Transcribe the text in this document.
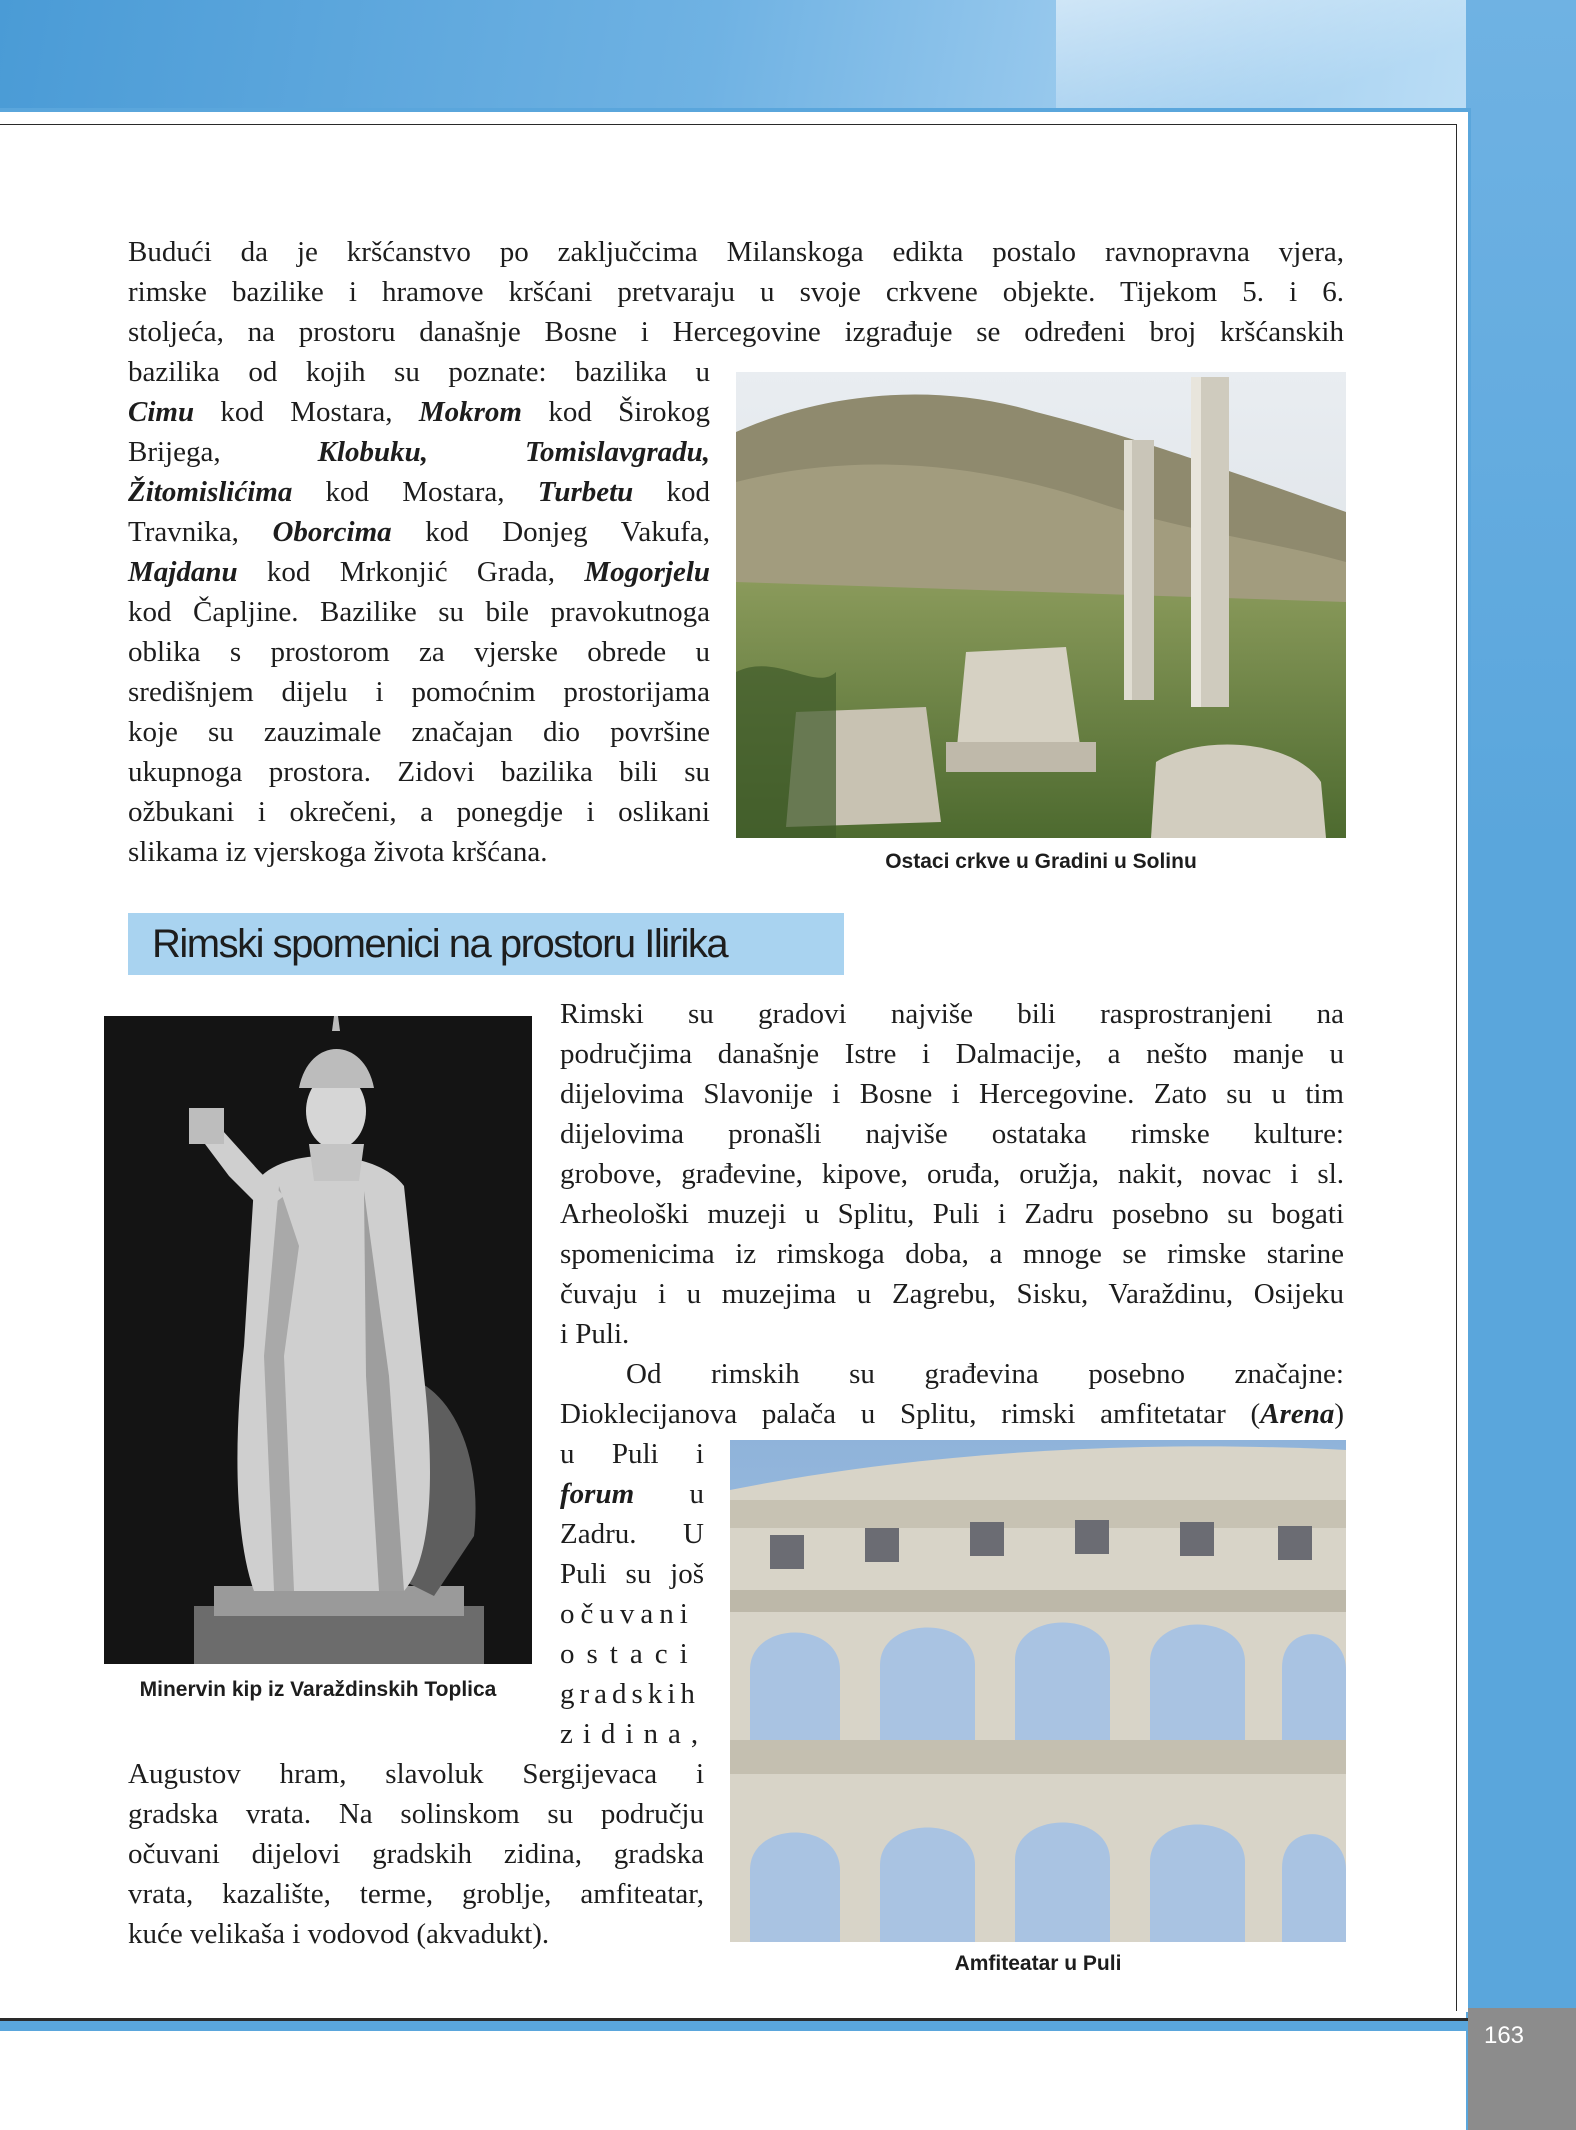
Budući da je kršćanstvo po zaključcima Milanskoga edikta postalo ravnopravna vjera,
rimske bazilike i hramove kršćani pretvaraju u svoje crkvene objekte. Tijekom 5. i 6.
stoljeća, na prostoru današnje Bosne i Hercegovine izgrađuje se određeni broj kršćanskih
bazilika od kojih su poznate: bazilika u
Cimu kod Mostara, Mokrom kod Širokog
Brijega, Klobuku, Tomislavgradu,
Žitomislićima kod Mostara, Turbetu kod
Travnika, Oborcima kod Donjeg Vakufa,
Majdanu kod Mrkonjić Grada, Mogorjelu
kod Čapljine. Bazilike su bile pravokutnoga
oblika s prostorom za vjerske obrede u
središnjem dijelu i pomoćnim prostorijama
koje su zauzimale značajan dio površine
ukupnoga prostora. Zidovi bazilika bili su
ožbukani i okrečeni, a ponegdje i oslikani
slikama iz vjerskoga života kršćana.	Ostaci crkve u Gradini u Solinu
Rimski spomenici na prostoru Ilirika
Minervin kip iz Varaždinskih Toplica
Rimski su gradovi najviše bili rasprostranjeni na
područjima današnje Istre i Dalmacije, a nešto manje u
dijelovima Slavonije i Bosne i Hercegovine. Zato su u tim
dijelovima pronašli najviše ostataka rimske kulture:
grobove, građevine, kipove, oruđa, oružja, nakit, novac i sl.
Arheološki muzeji u Splitu, Puli i Zadru posebno su bogati
spomenicima iz rimskoga doba, a mnoge se rimske starine
čuvaju i u muzejima u Zagrebu, Sisku, Varaždinu, Osijeku
i Puli.
Od rimskih su građevina posebno značajne:
Dioklecijanova palača u Splitu, rimski amfitetatar (Arena)
u Puli i
forum u
Zadru. U
Puli su još
očuvani
ostaci
gradskih
zidina,
Augustov hram, slavoluk Sergijevaca i
gradska vrata. Na solinskom su području
očuvani dijelovi gradskih zidina, gradska
vrata, kazalište, terme, groblje, amfiteatar,
kuće velikaša i vodovod (akvadukt).
Amfiteatar u Puli
163
